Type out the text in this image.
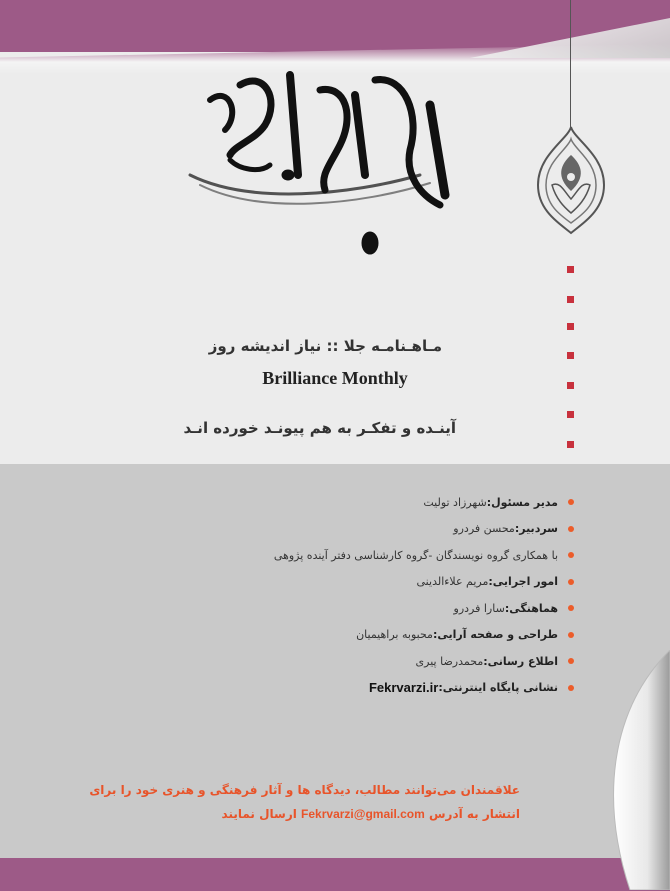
مـاهـنامـه جلا :: نیاز اندیشه روز
Brilliance Monthly
آینـده و تفکـر به هم پیونـد خورده انـد
مدیر مسئول:
شهرزاد تولیت
سردبیر:
محسن فردرو
با همکاری گروه نویسندگان -گروه کارشناسی دفتر آینده پژوهی
امور اجرایی:
مریم علاءالدینی
هماهنگی:
سارا فردرو
طراحی و صفحه آرایی:
محبوبه براهیمیان
اطلاع رسانی:
محمدرضا پیری
نشانی پایگاه اینترنتی:
Fekrvarzi.ir
علاقمندان می‌توانند مطالب، دیدگاه ها و آثار فرهنگی و هنری خود را برای
انتشار به آدرس Fekrvarzi@gmail.com ارسال نمایند
